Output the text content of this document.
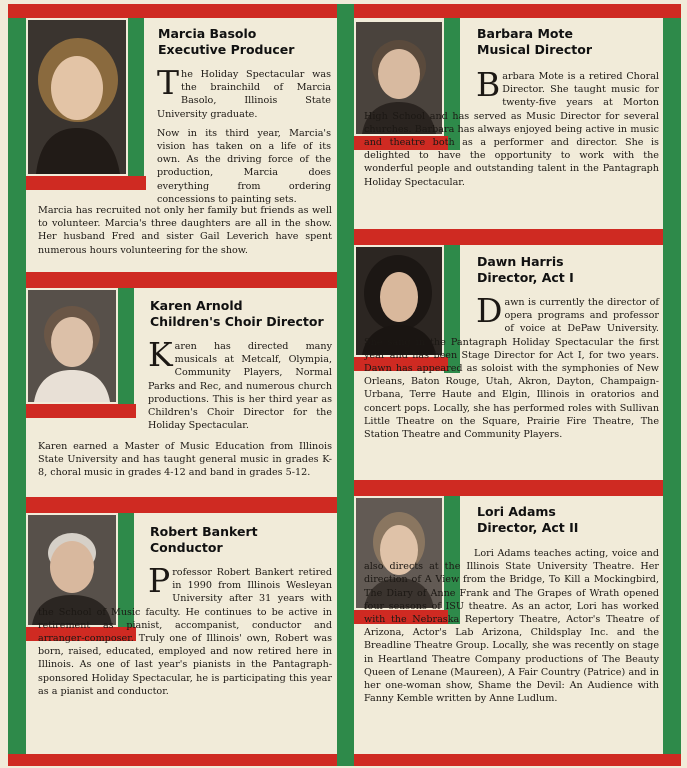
Marcia Basolo
Executive Producer

The Holiday Spectacular was the brainchild of Marcia Basolo, Illinois State University graduate.

Now in its third year, Marcia's vision has taken on a life of its own. As the driving force of the production, Marcia does everything from ordering concessions to painting sets.

Marcia has recruited not only her family but friends as well to volunteer. Marcia's three daughters are all in the show. Her husband Fred and sister Gail Leverich have spent numerous hours volunteering for the show.

Barbara Mote
Musical Director

Barbara Mote is a retired Choral Director. She taught music for twenty-five years at Morton High School and has served as Music Director for several churches. Barbara has always enjoyed being active in music and theatre both as a performer and director. She is delighted to have the opportunity to work with the wonderful people and outstanding talent in the Pantagraph Holiday Spectacular.

Karen Arnold
Children's Choir Director

Karen has directed many musicals at Metcalf, Olympia, Community Players, Normal Parks and Rec, and numerous church productions. This is her third year as Children's Choir Director for the Holiday Spectacular.

Karen earned a Master of Music Education from Illinois State University and has taught general music in grades K-8, choral music in grades 4-12 and band in grades 5-12.

Dawn Harris
Director, Act I

Dawn is currently the director of opera programs and professor of voice at DePaw University. She sang in the Pantagraph Holiday Spectacular the first year and has been Stage Director for Act I, for two years. Dawn has appeared as soloist with the symphonies of New Orleans, Baton Rouge, Utah, Akron, Dayton, Champaign-Urbana, Terre Haute and Elgin, Illinois in oratorios and concert pops. Locally, she has performed roles with Sullivan Little Theatre on the Square, Prairie Fire Theatre, The Station Theatre and Community Players.

Robert Bankert
Conductor

Professor Robert Bankert retired in 1990 from Illinois Wesleyan University after 31 years with the School of Music faculty. He continues to be active in retirement as pianist, accompanist, conductor and arranger-composer. Truly one of Illinois' own, Robert was born, raised, educated, employed and now retired here in Illinois. As one of last year's pianists in the Pantagraph-sponsored Holiday Spectacular, he is participating this year as a pianist and conductor.

Lori Adams
Director, Act II

Lori Adams teaches acting, voice and also directs at the Illinois State University Theatre. Her direction of A View from the Bridge, To Kill a Mockingbird, The Diary of Anne Frank and The Grapes of Wrath opened four seasons of ISU theatre. As an actor, Lori has worked with the Nebraska Repertory Theatre, Actor's Theatre of Arizona, Actor's Lab Arizona, Childsplay Inc. and the Breadline Theatre Group. Locally, she was recently on stage in Heartland Theatre Company productions of The Beauty Queen of Lenane (Maureen), A Fair Country (Patrice) and in her one-woman show, Shame the Devil: An Audience with Fanny Kemble written by Anne Ludlum.
